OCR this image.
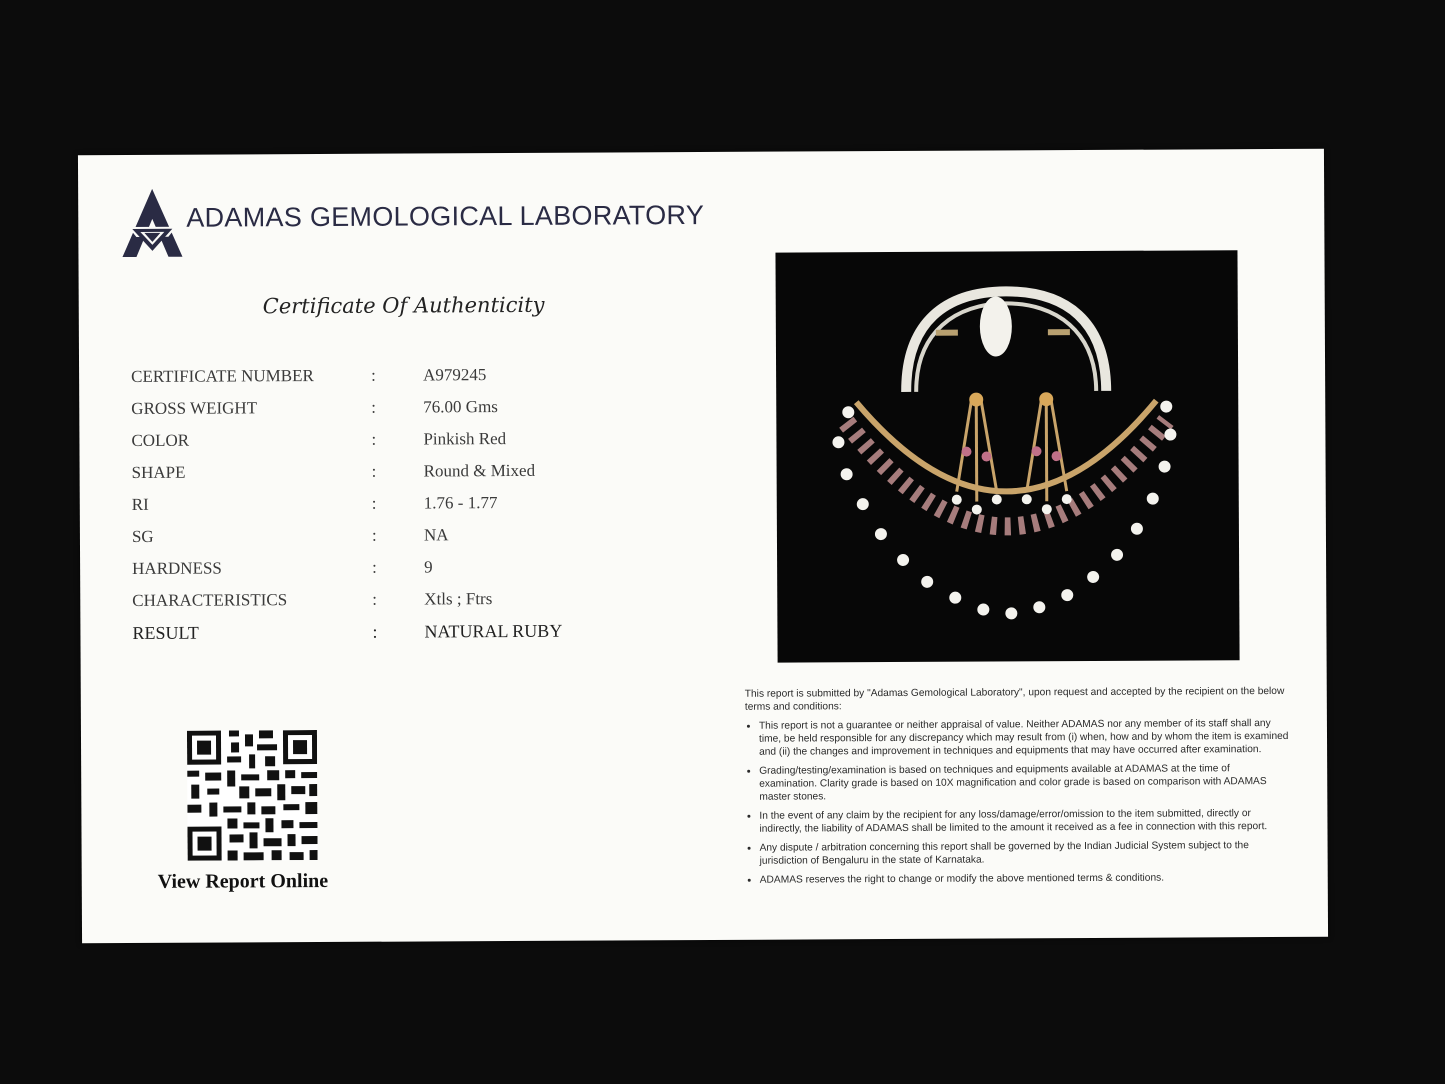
ADAMAS GEMOLOGICAL LABORATORY
Certificate Of Authenticity
CERTIFICATE NUMBER	:	A979245
GROSS WEIGHT	:	76.00 Gms
COLOR	:	Pinkish Red
SHAPE	:	Round & Mixed
RI	:	1.76 - 1.77
SG	:	NA
HARDNESS	:	9
CHARACTERISTICS	:	Xtls ; Ftrs
RESULT	:	NATURAL RUBY
View Report Online

This report is submitted by "Adamas Gemological Laboratory", upon request and accepted by the recipient on the below terms and conditions:

• This report is not a guarantee or neither appraisal of value. Neither ADAMAS nor any member of its staff shall any time, be held responsible for any discrepancy which may result from (i) when, how and by whom the item is examined and (ii) the changes and improvement in techniques and equipments that may have occurred after examination.
• Grading/testing/examination is based on techniques and equipments available at ADAMAS at the time of examination. Clarity grade is based on 10X magnification and color grade is based on comparison with ADAMAS master stones.
• In the event of any claim by the recipient for any loss/damage/error/omission to the item submitted, directly or indirectly, the liability of ADAMAS shall be limited to the amount it received as a fee in connection with this report.
• Any dispute / arbitration concerning this report shall be governed by the Indian Judicial System subject to the jurisdiction of Bengaluru in the state of Karnataka.
• ADAMAS reserves the right to change or modify the above mentioned terms & conditions.
